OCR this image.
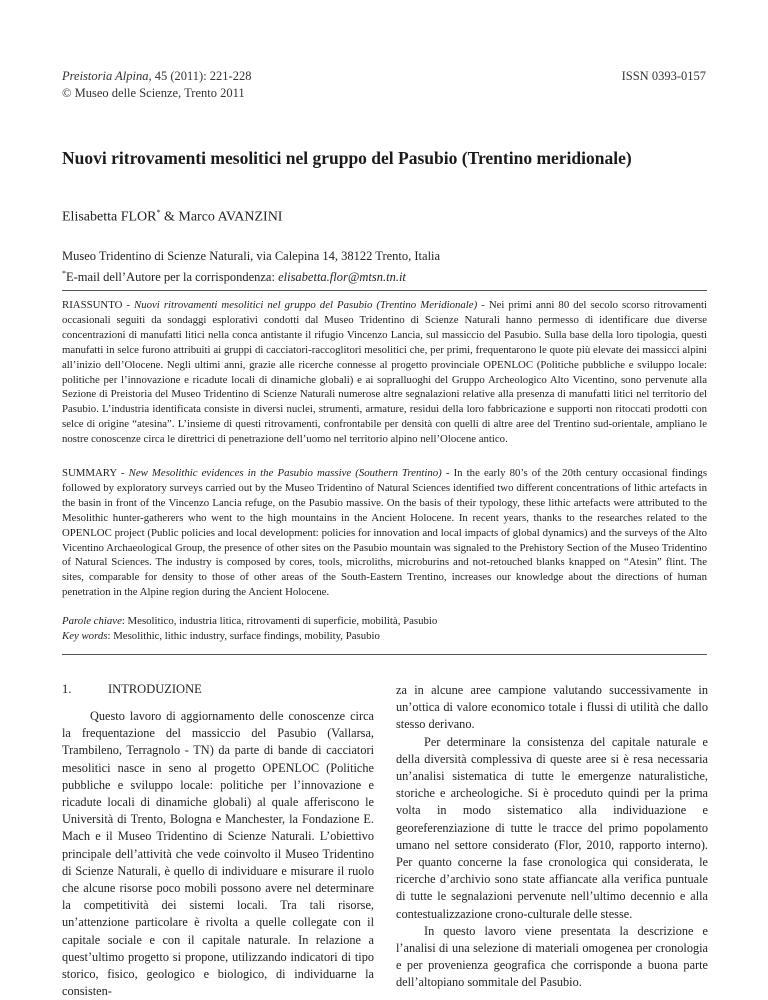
Preistoria Alpina, 45 (2011): 221-228
© Museo delle Scienze, Trento 2011
ISSN 0393-0157
Nuovi ritrovamenti mesolitici nel gruppo del Pasubio (Trentino meridionale)
Elisabetta FLOR* & Marco AVANZINI
Museo Tridentino di Scienze Naturali, via Calepina 14, 38122 Trento, Italia
*E-mail dell’Autore per la corrispondenza: elisabetta.flor@mtsn.tn.it
RIASSUNTO - Nuovi ritrovamenti mesolitici nel gruppo del Pasubio (Trentino Meridionale) - Nei primi anni 80 del secolo scorso ritrovamenti occasionali seguiti da sondaggi esplorativi condotti dal Museo Tridentino di Scienze Naturali hanno permesso di identificare due diverse concentrazioni di manufatti litici nella conca antistante il rifugio Vincenzo Lancia, sul massiccio del Pasubio. Sulla base della loro tipologia, questi manufatti in selce furono attribuiti ai gruppi di cacciatori-raccoglitori mesolitici che, per primi, frequentarono le quote più elevate dei massicci alpini all’inizio dell’Olocene. Negli ultimi anni, grazie alle ricerche connesse al progetto provinciale OPENLOC (Politiche pubbliche e sviluppo locale: politiche per l’innovazione e ricadute locali di dinamiche globali) e ai sopralluoghi del Gruppo Archeologico Alto Vicentino, sono pervenute alla Sezione di Preistoria del Museo Tridentino di Scienze Naturali numerose altre segnalazioni relative alla presenza di manufatti litici nel territorio del Pasubio. L’industria identificata consiste in diversi nuclei, strumenti, armature, residui della loro fabbricazione e supporti non ritoccati prodotti con selce di origine “atesina”. L’insieme di questi ritrovamenti, confrontabile per densità con quelli di altre aree del Trentino sud-orientale, ampliano le nostre conoscenze circa le direttrici di penetrazione dell’uomo nel territorio alpino nell’Olocene antico.
SUMMARY - New Mesolithic evidences in the Pasubio massive (Southern Trentino) - In the early 80’s of the 20th century occasional findings followed by exploratory surveys carried out by the Museo Tridentino of Natural Sciences identified two different concentrations of lithic artefacts in the basin in front of the Vincenzo Lancia refuge, on the Pasubio massive. On the basis of their typology, these lithic artefacts were attributed to the Mesolithic hunter-gatherers who went to the high mountains in the Ancient Holocene. In recent years, thanks to the researches related to the OPENLOC project (Public policies and local development: policies for innovation and local impacts of global dynamics) and the surveys of the Alto Vicentino Archaeological Group, the presence of other sites on the Pasubio mountain was signaled to the Prehistory Section of the Museo Tridentino of Natural Sciences. The industry is composed by cores, tools, microliths, microburins and not-retouched blanks knapped on “Atesin” flint. The sites, comparable for density to those of other areas of the South-Eastern Trentino, increases our knowledge about the directions of human penetration in the Alpine region during the Ancient Holocene.
Parole chiave: Mesolitico, industria litica, ritrovamenti di superficie, mobilità, Pasubio
Key words: Mesolithic, lithic industry, surface findings, mobility, Pasubio
1.	INTRODUZIONE

Questo lavoro di aggiornamento delle conoscenze circa la frequentazione del massiccio del Pasubio (Vallarsa, Trambileno, Terragnolo - TN) da parte di bande di cacciatori mesolitici nasce in seno al progetto OPENLOC (Politiche pubbliche e sviluppo locale: politiche per l’innovazione e ricadute locali di dinamiche globali) al quale afferiscono le Università di Trento, Bologna e Manchester, la Fondazione E. Mach e il Museo Tridentino di Scienze Naturali. L’obiettivo principale dell’attività che vede coinvolto il Museo Tridentino di Scienze Naturali, è quello di individuare e misurare il ruolo che alcune risorse poco mobili possono avere nel determinare la competitività dei sistemi locali. Tra tali risorse, un’attenzione particolare è rivolta a quelle collegate con il capitale sociale e con il capitale naturale. In relazione a quest’ultimo progetto si propone, utilizzando indicatori di tipo storico, fisico, geologico e biologico, di individuarne la consisten-

za in alcune aree campione valutando successivamente in un’ottica di valore economico totale i flussi di utilità che dallo stesso derivano.

Per determinare la consistenza del capitale naturale e della diversità complessiva di queste aree si è resa necessaria un’analisi sistematica di tutte le emergenze naturalistiche, storiche e archeologiche. Si è proceduto quindi per la prima volta in modo sistematico alla individuazione e georeferenziazione di tutte le tracce del primo popolamento umano nel settore considerato (Flor, 2010, rapporto interno). Per quanto concerne la fase cronologica qui considerata, le ricerche d’archivio sono state affiancate alla verifica puntuale di tutte le segnalazioni pervenute nell’ultimo decennio e alla contestualizzazione crono-culturale delle stesse.

In questo lavoro viene presentata la descrizione e l’analisi di una selezione di materiali omogenea per cronologia e per provenienza geografica che corrisponde a buona parte dell’altopiano sommitale del Pasubio.
